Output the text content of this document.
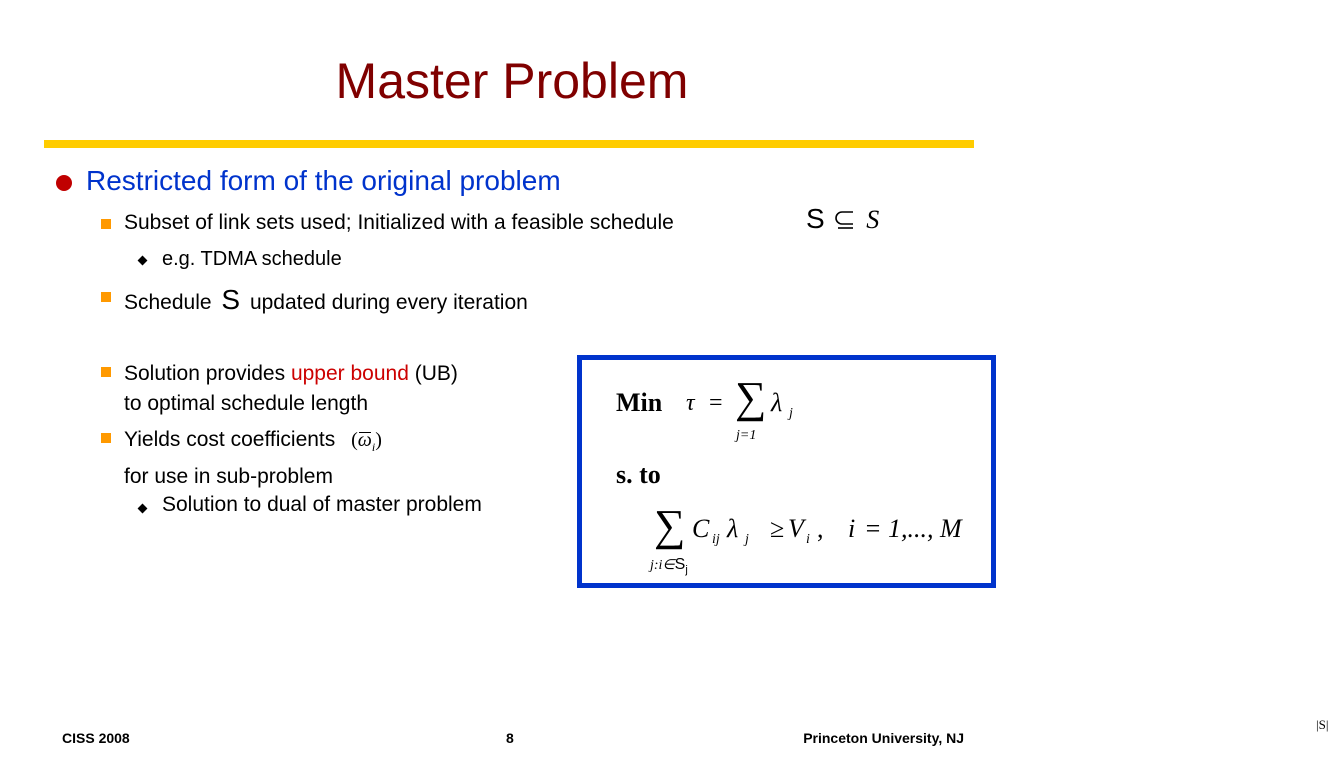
Master Problem
Restricted form of the original problem
Subset of link sets used; Initialized with a feasible schedule	S S
e.g. TDMA schedule
Schedule S updated during every iteration
Solution provides upper bound (UB)
to optimal schedule length
Yields cost coefficients (
$\omega_i$)
for use in sub-problem
Solution to dual of master problem
|S|
Min τ = ∑ λ j
j=1
s. to
∑ C ij λ j ≥ V i , i = 1,..., M
$j:i\in S_j$
CISS 2008	8	Princeton University, NJ
